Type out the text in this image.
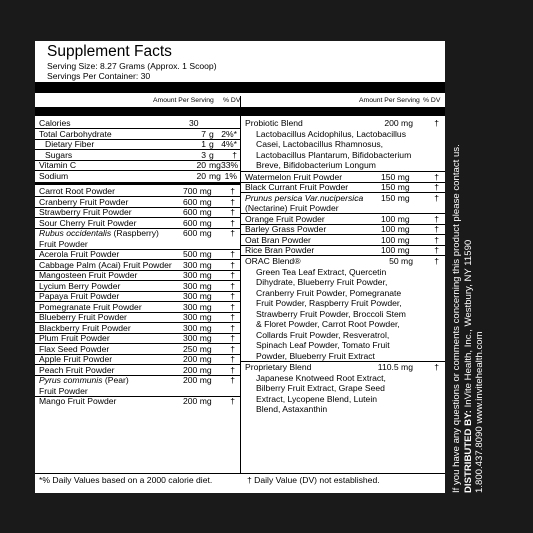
Supplement Facts
Serving Size: 8.27 Grams (Approx. 1 Scoop)
Servings Per Container: 30
Amount Per Serving % DV	Amount Per Serving % DV
Calories	30
Total Carbohydrate	7 g 2%*
Dietary Fiber	1 g 4%*
Sugars	3 g	†
Vitamin C	20 mg 33%
Sodium	20 mg 1%
Carrot Root Powder	700 mg	†
Cranberry Fruit Powder	600 mg	†
Strawberry Fruit Powder	600 mg	†
Sour Cherry Fruit Powder	600 mg	†
Rubus occidentalis (Raspberry)
Fruit Powder
600 mg	†
Acerola Fruit Powder	500 mg	†
Cabbage Palm (Acai) Fruit Powder 300 mg	†
Mangosteen Fruit Powder	300 mg	†
Lycium Berry Powder	300 mg	†
Papaya Fruit Powder	300 mg	†
Pomegranate Fruit Powder	300 mg	†
Blueberry Fruit Powder	300 mg	†
Blackberry Fruit Powder	300 mg	†
Plum Fruit Powder	300 mg	†
Flax Seed Powder	250 mg	†
Apple Fruit Powder	200 mg	†
Peach Fruit Powder	200 mg	†
Pyrus communis (Pear)
Fruit Powder
200 mg	†
Mango Fruit Powder	200 mg	†
Probiotic Blend	200 mg	†
Lactobacillus Acidophilus, Lactobacillus
Casei, Lactobacillus Rhamnosus,
Lactobacillus Plantarum, Bifidobacterium
Breve, Bifidobacterium Longum
Watermelon Fruit Powder	150 mg	†
Black Currant Fruit Powder	150 mg	†
Prunus persica Var.nucipersica
(Nectarine) Fruit Powder
150 mg	†
Orange Fruit Powder	100 mg	†
Barley Grass Powder	100 mg	†
Oat Bran Powder	100 mg	†
Rice Bran Powder	100 mg	†
ORAC Blend®	50 mg	†
Green Tea Leaf Extract, Quercetin
Dihydrate, Blueberry Fruit Powder,
Cranberry Fruit Powder, Pomegranate
Fruit Powder, Raspberry Fruit Powder,
Strawberry Fruit Powder, Broccoli Stem
& Floret Powder, Carrot Root Powder,
Collards Fruit Powder, Resveratrol,
Spinach Leaf Powder, Tomato Fruit
Powder, Blueberry Fruit Extract
Proprietary Blend	110.5 mg	†
Japanese Knotweed Root Extract,
Bilberry Fruit Extract, Grape Seed
Extract, Lycopene Blend, Lutein
Blend, Astaxanthin
*% Daily Values based on a 2000 calorie diet.	† Daily Value (DV) not established.	If you have any questions or comments concerning this product please contact us. DISTRIBUTED BY: InVite Health, Inc., Westbury, NY 11590
1.800.437.8090 www.invitehealth.com
